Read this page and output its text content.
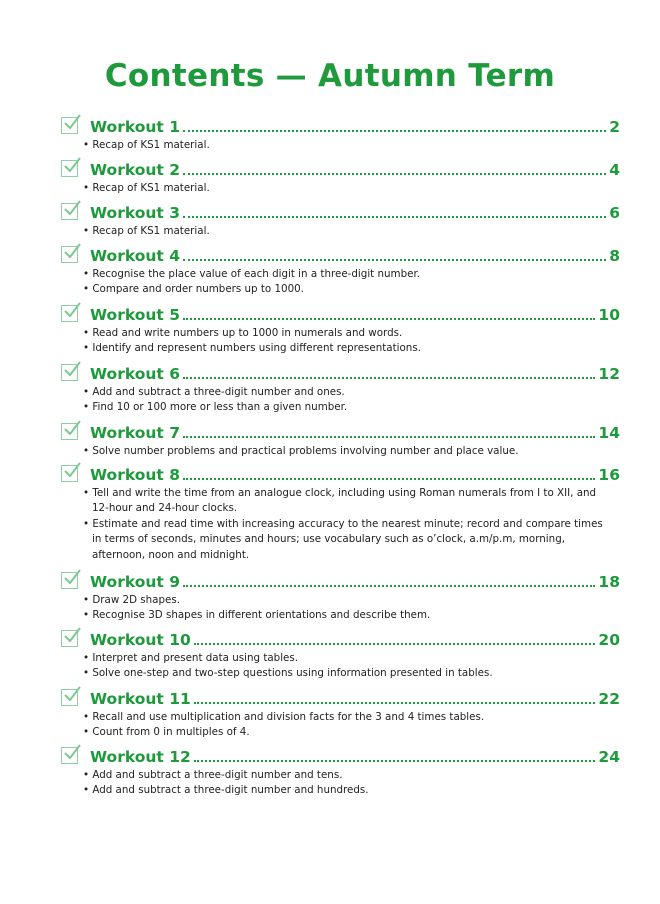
Contents — Autumn Term
Workout 1	2
• Recap of KS1 material.
Workout 2	4
• Recap of KS1 material.
Workout 3	6
• Recap of KS1 material.
Workout 4	8
• Recognise the place value of each digit in a three-digit number.
• Compare and order numbers up to 1000.
Workout 5	10
• Read and write numbers up to 1000 in numerals and words.
• Identify and represent numbers using different representations.
Workout 6	12
• Add and subtract a three-digit number and ones.
• Find 10 or 100 more or less than a given number.
Workout 7	14
• Solve number problems and practical problems involving number and place value.
Workout 8	16
• Tell and write the time from an analogue clock, including using Roman numerals from I to XII, and 12-hour and 24-hour clocks.
• Estimate and read time with increasing accuracy to the nearest minute; record and compare times in terms of seconds, minutes and hours; use vocabulary such as o’clock, a.m/p.m, morning, afternoon, noon and midnight.
Workout 9	18
• Draw 2D shapes.
• Recognise 3D shapes in different orientations and describe them.
Workout 10	20
• Interpret and present data using tables.
• Solve one-step and two-step questions using information presented in tables.
Workout 11	22
• Recall and use multiplication and division facts for the 3 and 4 times tables.
• Count from 0 in multiples of 4.
Workout 12	24
• Add and subtract a three-digit number and tens.
• Add and subtract a three-digit number and hundreds.
